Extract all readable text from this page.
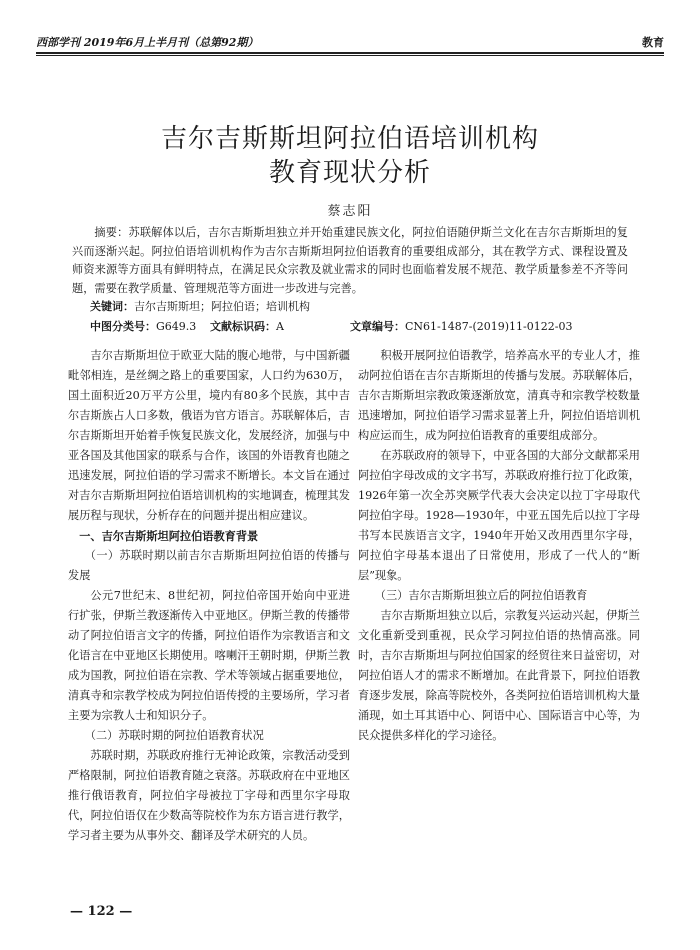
西部学刊 2019年6月上半月刊（总第92期）	教育
吉尔吉斯斯坦阿拉伯语培训机构
教育现状分析
蔡志阳
摘要：苏联解体以后，吉尔吉斯斯坦独立并开始重建民族文化，阿拉伯语随伊斯兰文化在吉尔吉斯斯坦的复兴而逐渐兴起。阿拉伯语培训机构作为吉尔吉斯斯坦阿拉伯语教育的重要组成部分，其在教学方式、课程设置及师资来源等方面具有鲜明特点，在满足民众宗教及就业需求的同时也面临着发展不规范、教学质量参差不齐等问题，需要在教学质量、管理规范等方面进一步改进与完善。
关键词：吉尔吉斯斯坦；阿拉伯语；培训机构
中图分类号：G649.3 文献标识码：A	文章编号：CN61-1487-(2019)11-0122-03

吉尔吉斯斯坦位于欧亚大陆的腹心地带，与中国新疆毗邻相连，是丝绸之路上的重要国家，人口约为630万，国土面积近20万平方公里，境内有80多个民族，其中吉尔吉斯族占人口多数，俄语为官方语言。苏联解体后，吉尔吉斯斯坦开始着手恢复民族文化，发展经济，加强与中亚各国及其他国家的联系与合作，该国的外语教育也随之迅速发展，阿拉伯语的学习需求不断增长。本文旨在通过对吉尔吉斯斯坦阿拉伯语培训机构的实地调查，梳理其发展历程与现状，分析存在的问题并提出相应建议。

一、吉尔吉斯斯坦阿拉伯语教育背景

（一）苏联时期以前吉尔吉斯斯坦阿拉伯语的传播与发展

公元7世纪末、8世纪初，阿拉伯帝国开始向中亚进行扩张，伊斯兰教逐渐传入中亚地区。伊斯兰教的传播带动了阿拉伯语言文字的传播，阿拉伯语作为宗教语言和文化语言在中亚地区长期使用。喀喇汗王朝时期，伊斯兰教成为国教，阿拉伯语在宗教、学术等领域占据重要地位，清真寺和宗教学校成为阿拉伯语传授的主要场所，学习者主要为宗教人士和知识分子。

（二）苏联时期的阿拉伯语教育状况

苏联时期，苏联政府推行无神论政策，宗教活动受到严格限制，阿拉伯语教育随之衰落。苏联政府在中亚地区推行俄语教育，阿拉伯字母被拉丁字母和西里尔字母取代，阿拉伯语仅在少数高等院校作为东方语言进行教学，学习者主要为从事外交、翻译及学术研究的人员。

积极开展阿拉伯语教学，培养高水平的专业人才，推动阿拉伯语在吉尔吉斯斯坦的传播与发展。苏联解体后，吉尔吉斯斯坦宗教政策逐渐放宽，清真寺和宗教学校数量迅速增加，阿拉伯语学习需求显著上升，阿拉伯语培训机构应运而生，成为阿拉伯语教育的重要组成部分。

在苏联政府的领导下，中亚各国的大部分文献都采用阿拉伯字母改成的文字书写，苏联政府推行拉丁化政策，1926年第一次全苏突厥学代表大会决定以拉丁字母取代阿拉伯字母。1928—1930年，中亚五国先后以拉丁字母书写本民族语言文字，1940年开始又改用西里尔字母，阿拉伯字母基本退出了日常使用，形成了一代人的“断层”现象。

（三）吉尔吉斯斯坦独立后的阿拉伯语教育

吉尔吉斯斯坦独立以后，宗教复兴运动兴起，伊斯兰文化重新受到重视，民众学习阿拉伯语的热情高涨。同时，吉尔吉斯斯坦与阿拉伯国家的经贸往来日益密切，对阿拉伯语人才的需求不断增加。在此背景下，阿拉伯语教育逐步发展，除高等院校外，各类阿拉伯语培训机构大量涌现，如土耳其语中心、阿语中心、国际语言中心等，为民众提供多样化的学习途径。

— 122 —
